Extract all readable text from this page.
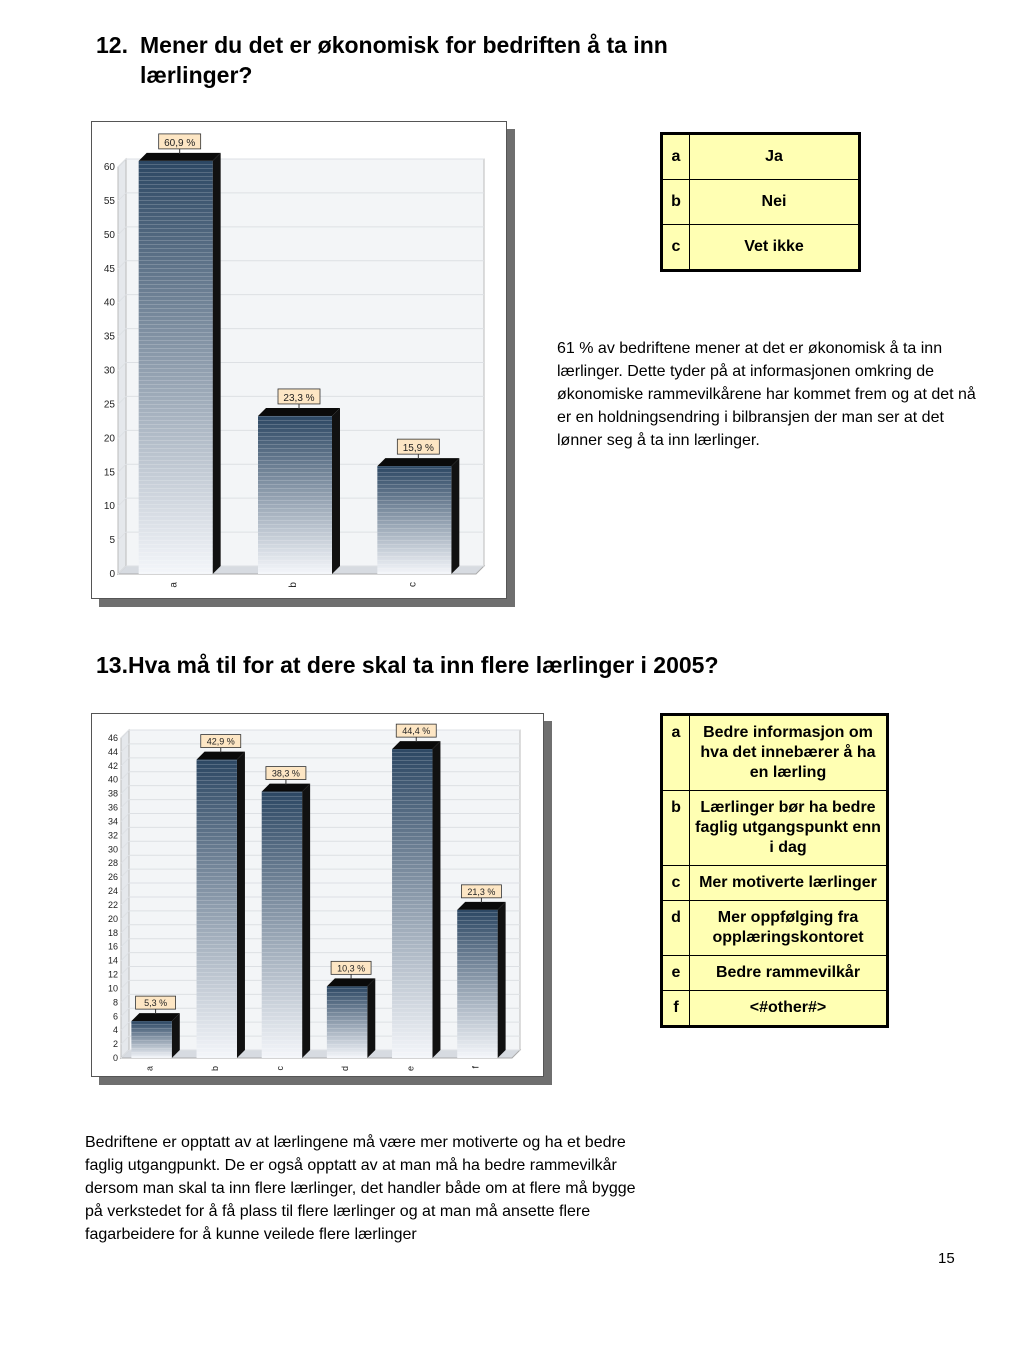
12. Mener du det er økonomisk for bedriften å ta inn
lærlinger?
0
5
10
15
20
25
30
35
40
45
50
55
60
60,9 %
a
23,3 %
b
15,9 %
c
a	Ja
b	Nei
c	Vet ikke
61 % av bedriftene mener at det er økonomisk å ta inn lærlinger. Dette tyder på at informasjonen omkring de økonomiske rammevilkårene har kommet frem og at det nå er en holdningsendring i bilbransjen der man ser at det lønner seg å ta inn lærlinger.
13.Hva må til for at dere skal ta inn flere lærlinger i 2005?
0
2
4
6
8
10
12
14
16
18
20
22
24
26
28
30
32
34
36
38
40
42
44
46
5,3 %
a
42,9 %
b
38,3 %
c
10,3 %
d
44,4 %
e
21,3 %
f
a	Bedre informasjon om hva det innebærer å ha en lærling
b	Lærlinger bør ha bedre faglig utgangspunkt enn i dag
c	Mer motiverte lærlinger
d	Mer oppfølging fra opplæringskontoret
e	Bedre rammevilkår
f	<#other#>
Bedriftene er opptatt av at lærlingene må være mer motiverte og ha et bedre faglig utgangpunkt. De er også opptatt av at man må ha bedre rammevilkår dersom man skal ta inn flere lærlinger, det handler både om at flere må bygge på verkstedet for å få plass til flere lærlinger og at man må ansette flere fagarbeidere for å kunne veilede flere lærlinger
15
